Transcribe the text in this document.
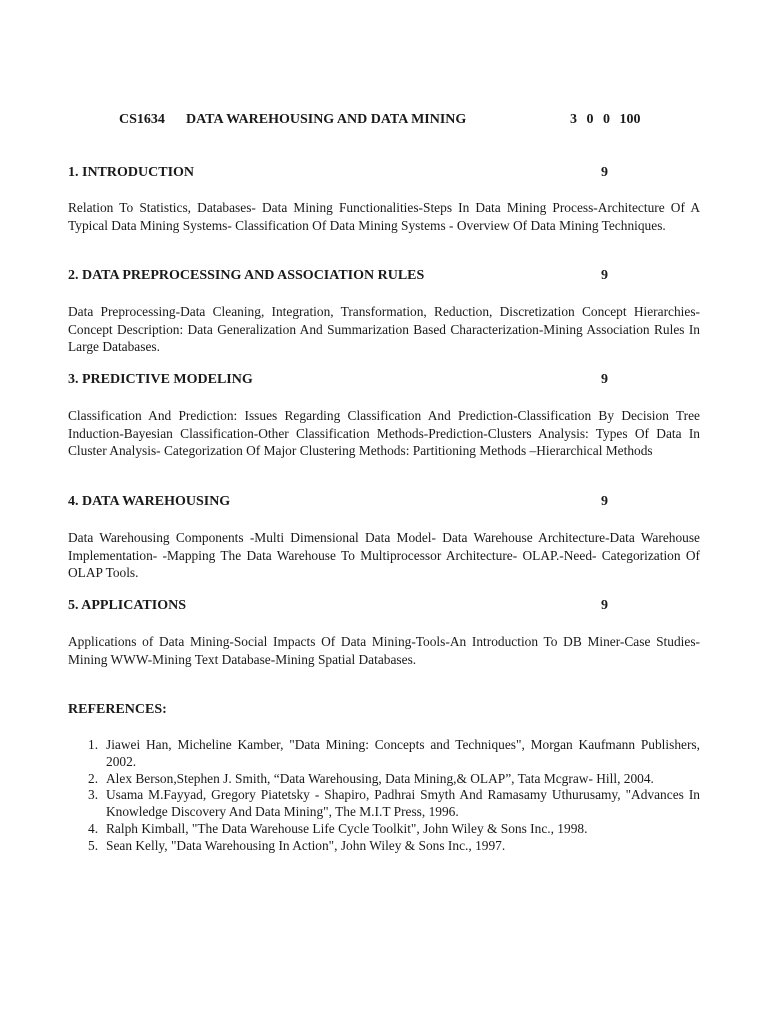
CS1634 DATA WAREHOUSING AND DATA MINING	3 0 0 100
1. INTRODUCTION	9
Relation To Statistics, Databases- Data Mining Functionalities-Steps In Data Mining Process-Architecture Of A Typical Data Mining Systems- Classification Of Data Mining Systems - Overview Of Data Mining Techniques.
2. DATA PREPROCESSING AND ASSOCIATION RULES	9
Data Preprocessing-Data Cleaning, Integration, Transformation, Reduction, Discretization Concept Hierarchies-Concept Description: Data Generalization And Summarization Based Characterization-Mining Association Rules In Large Databases.
3. PREDICTIVE MODELING	9
Classification And Prediction: Issues Regarding Classification And Prediction-Classification By Decision Tree Induction-Bayesian Classification-Other Classification Methods-Prediction-Clusters Analysis: Types Of Data In Cluster Analysis- Categorization Of Major Clustering Methods: Partitioning Methods –Hierarchical Methods
4. DATA WAREHOUSING	9
Data Warehousing Components -Multi Dimensional Data Model- Data Warehouse Architecture-Data Warehouse Implementation- -Mapping The Data Warehouse To Multiprocessor Architecture- OLAP.-Need- Categorization Of OLAP Tools.
5. APPLICATIONS	9
Applications of Data Mining-Social Impacts Of Data Mining-Tools-An Introduction To DB Miner-Case Studies-Mining WWW-Mining Text Database-Mining Spatial Databases.
REFERENCES:
1. Jiawei Han, Micheline Kamber, "Data Mining: Concepts and Techniques", Morgan Kaufmann Publishers, 2002.
2. Alex Berson,Stephen J. Smith, “Data Warehousing, Data Mining,& OLAP”, Tata Mcgraw- Hill, 2004.
3. Usama M.Fayyad, Gregory Piatetsky - Shapiro, Padhrai Smyth And Ramasamy Uthurusamy, "Advances In Knowledge Discovery And Data Mining", The M.I.T Press, 1996.
4. Ralph Kimball, "The Data Warehouse Life Cycle Toolkit", John Wiley & Sons Inc., 1998.
5. Sean Kelly, "Data Warehousing In Action", John Wiley & Sons Inc., 1997.
